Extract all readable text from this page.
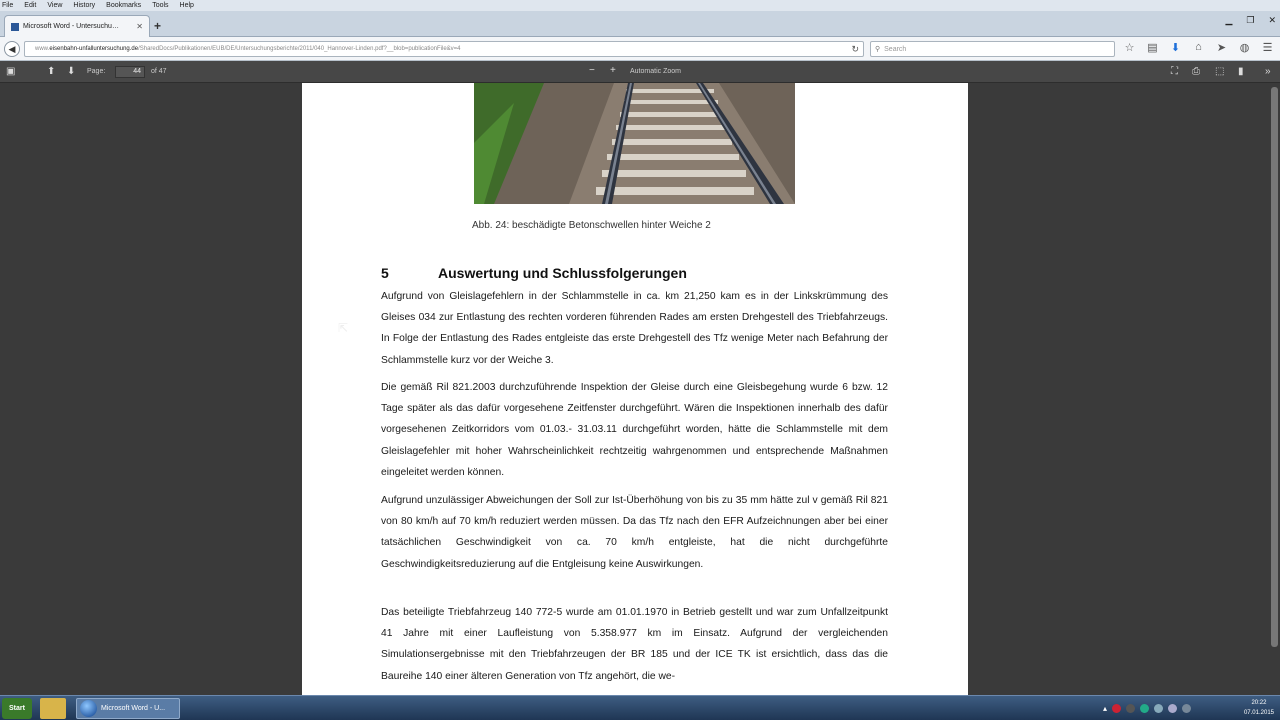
File Edit View History Bookmarks Tools Help
Microsoft Word - Untersuchu… ✕ +	▁ ❐ ✕
◀	www. eisenbahn-unfalluntersuchung.de /SharedDocs/Publikationen/EUB/DE/Untersuchungsberichte/2011/040_Hannover-Linden.pdf?__blob=publicationFile&v=4	↻ ⚲ Search	☆ ▤ ⬇	⌂	➤ ◍ ☰
▣	⬆ ⬇ Page:	44	of 47	− + Automatic Zoom	⛶ ⎙ ⬚ ▮ »
Abb. 24: beschädigte Betonschwellen hinter Weiche 2
5	Auswertung und Schlussfolgerungen

Aufgrund von Gleislagefehlern in der Schlammstelle in ca. km 21,250 kam es in der Linkskrümmung des Gleises 034 zur Entlastung des rechten vorderen führenden Rades am ersten Drehgestell des Triebfahrzeugs. In Folge der Entlastung des Rades entgleiste das erste Drehgestell des Tfz wenige Meter nach Befahrung der Schlammstelle kurz vor der Weiche 3.

Die gemäß Ril 821.2003 durchzuführende Inspektion der Gleise durch eine Gleisbegehung wurde 6 bzw. 12 Tage später als das dafür vorgesehene Zeitfenster durchgeführt. Wären die Inspektionen innerhalb des dafür vorgesehenen Zeitkorridors vom 01.03.- 31.03.11 durchgeführt worden, hätte die Schlammstelle mit dem Gleislagefehler mit hoher Wahrscheinlichkeit rechtzeitig wahrgenommen und entsprechende Maßnahmen eingeleitet werden können.

Aufgrund unzulässiger Abweichungen der Soll zur Ist-Überhöhung von bis zu 35 mm hätte zul v gemäß Ril 821 von 80 km/h auf 70 km/h reduziert werden müssen. Da das Tfz nach den EFR Aufzeichnungen aber bei einer tatsächlichen Geschwindigkeit von ca. 70 km/h entgleiste, hat die nicht durchgeführte Geschwindigkeitsreduzierung auf die Entgleisung keine Auswirkungen.

Das beteiligte Triebfahrzeug 140 772-5 wurde am 01.01.1970 in Betrieb gestellt und war zum Unfallzeitpunkt 41 Jahre mit einer Laufleistung von 5.358.977 km im Einsatz. Aufgrund der vergleichenden Simulationsergebnisse mit den Triebfahrzeugen der BR 185 und der ICE TK ist ersichtlich, dass das die Baureihe 140 einer älteren Generation von Tfz angehört, die we-

⇱
Start	Microsoft Word - U...	▴
20:22
07.01.2015
